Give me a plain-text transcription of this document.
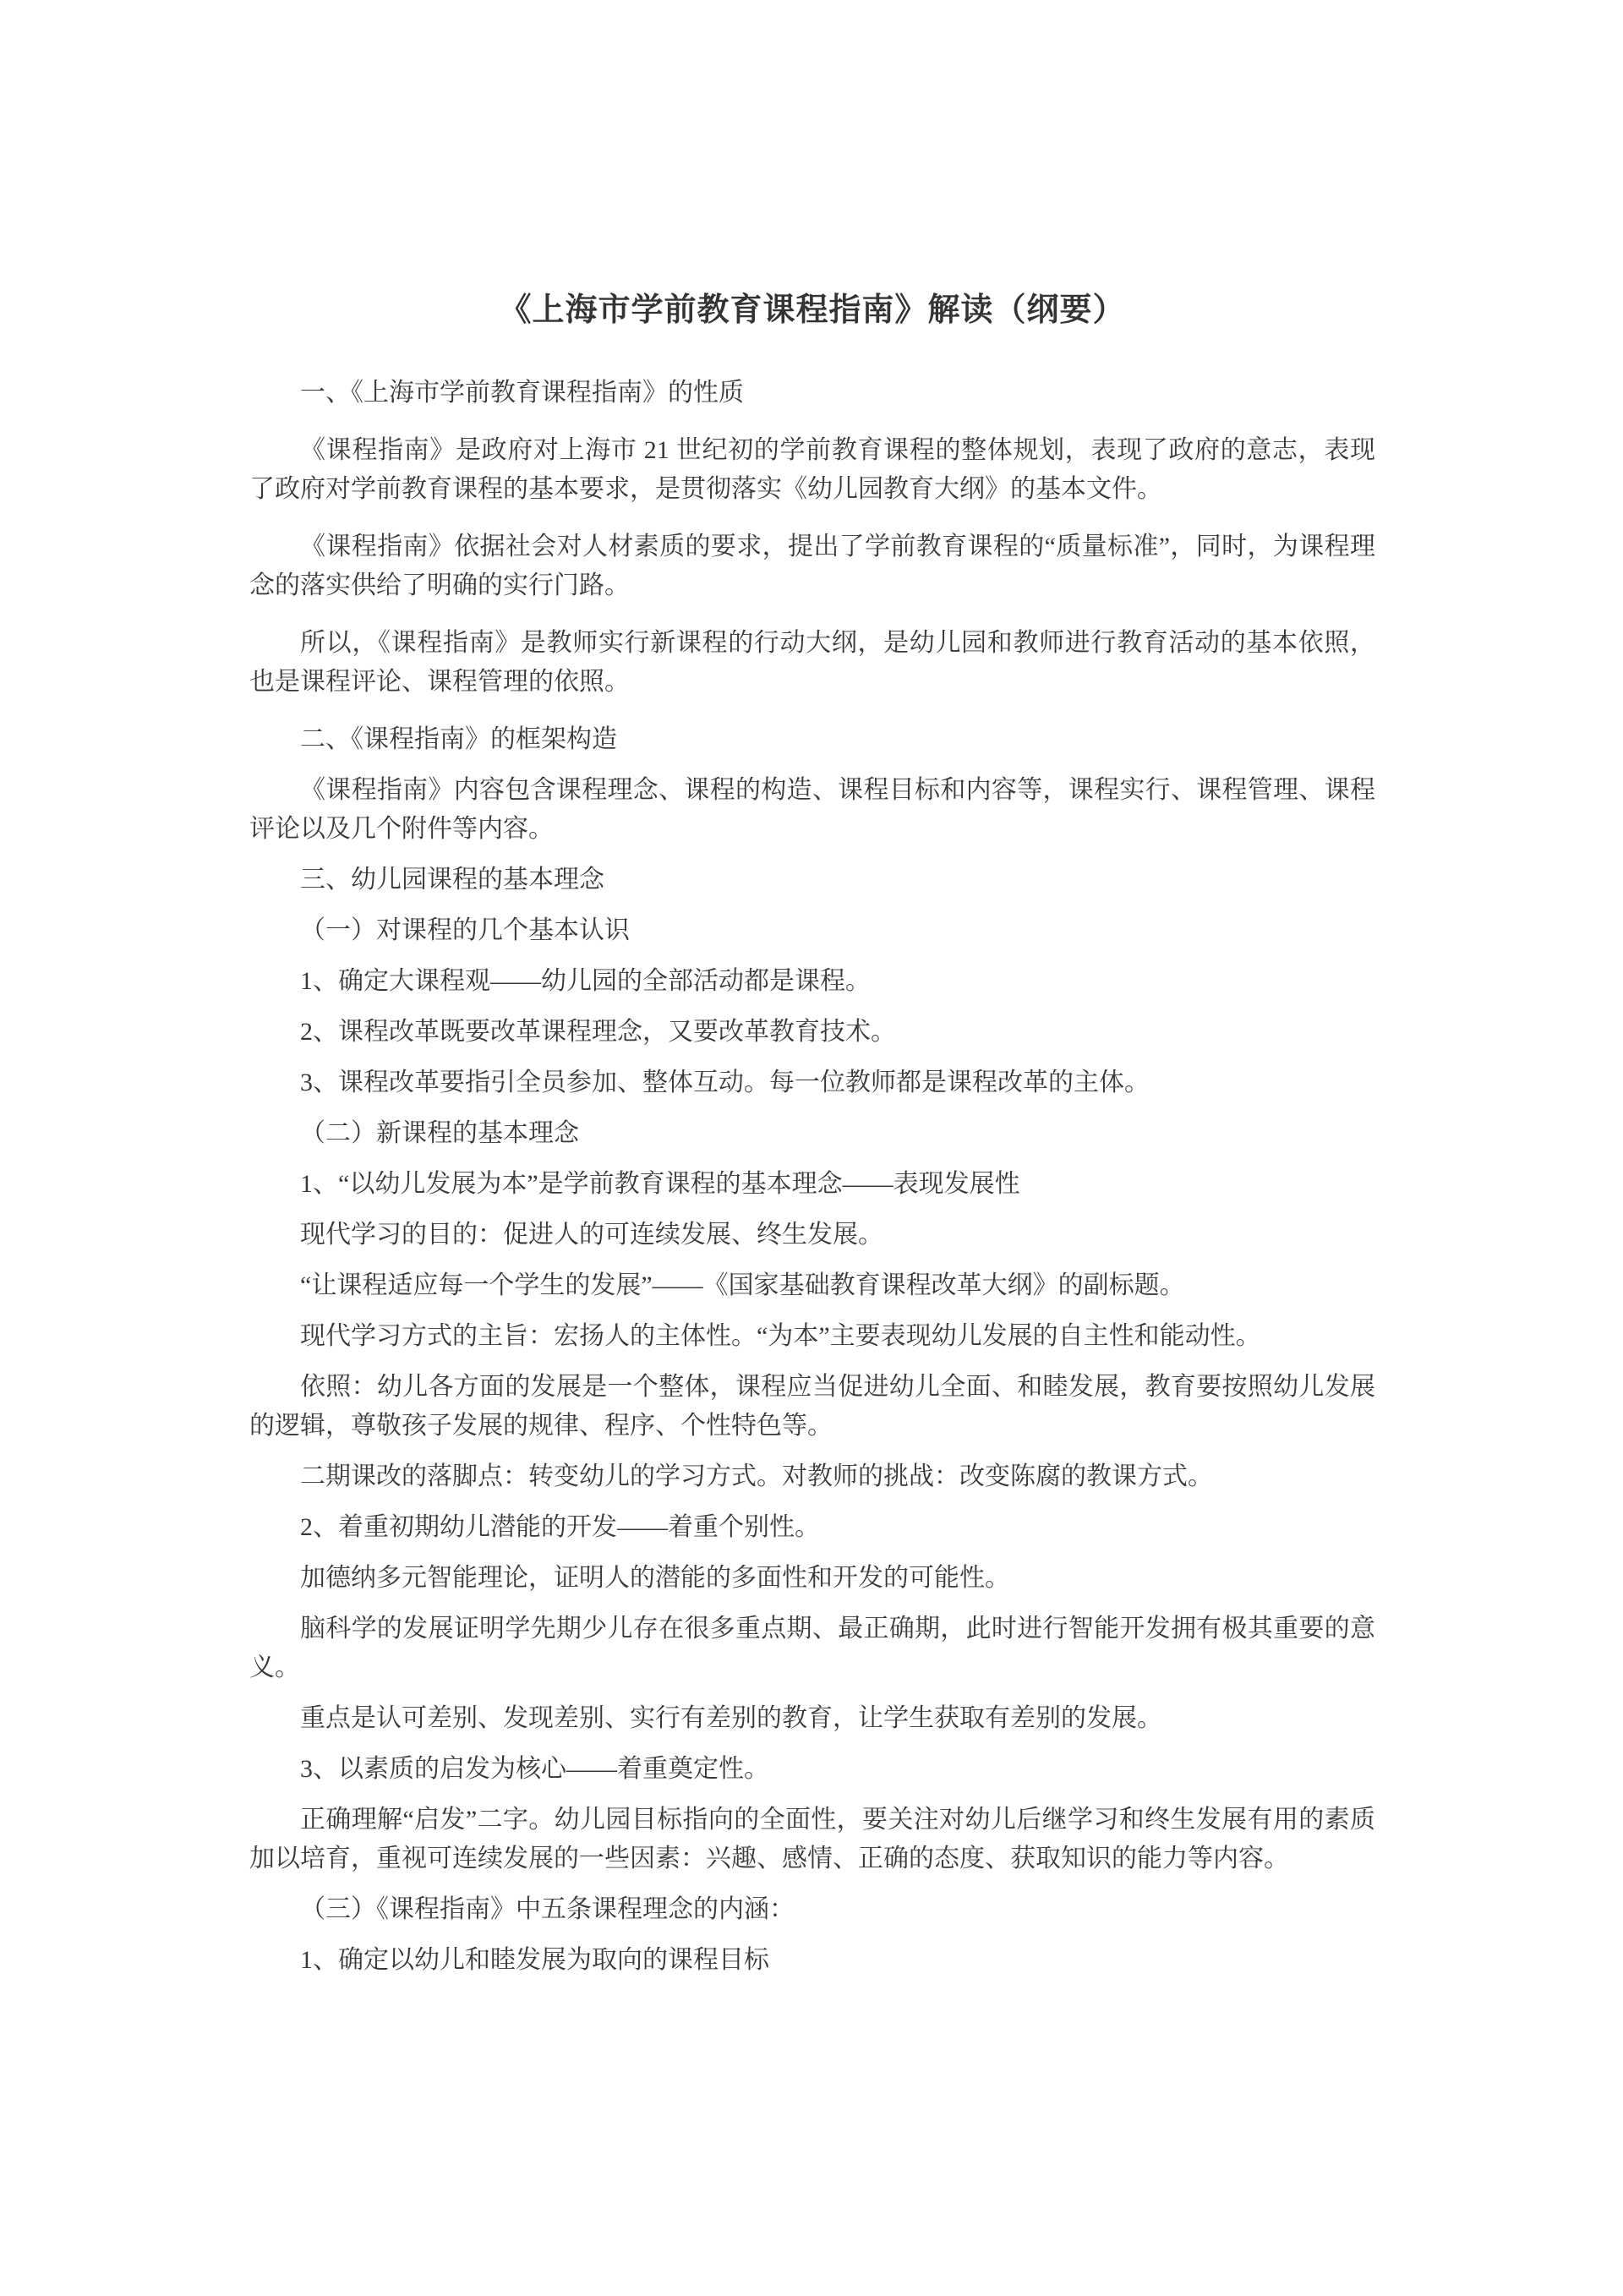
《上海市学前教育课程指南》解读（纲要）

一、《上海市学前教育课程指南》的性质

《课程指南》是政府对上海市 21 世纪初的学前教育课程的整体规划，表现了政府的意志，表现了政府对学前教育课程的基本要求，是贯彻落实《幼儿园教育大纲》的基本文件。

《课程指南》依据社会对人材素质的要求，提出了学前教育课程的“质量标准”，同时，为课程理念的落实供给了明确的实行门路。

所以，《课程指南》是教师实行新课程的行动大纲，是幼儿园和教师进行教育活动的基本依照，也是课程评论、课程管理的依照。

二、《课程指南》的框架构造

《课程指南》内容包含课程理念、课程的构造、课程目标和内容等，课程实行、课程管理、课程评论以及几个附件等内容。

三、幼儿园课程的基本理念

（一）对课程的几个基本认识

1、确定大课程观——幼儿园的全部活动都是课程。

2、课程改革既要改革课程理念，又要改革教育技术。

3、课程改革要指引全员参加、整体互动。每一位教师都是课程改革的主体。

（二）新课程的基本理念

1、“以幼儿发展为本”是学前教育课程的基本理念——表现发展性

现代学习的目的：促进人的可连续发展、终生发展。

“让课程适应每一个学生的发展”——《国家基础教育课程改革大纲》的副标题。

现代学习方式的主旨：宏扬人的主体性。“为本”主要表现幼儿发展的自主性和能动性。

依照：幼儿各方面的发展是一个整体，课程应当促进幼儿全面、和睦发展，教育要按照幼儿发展的逻辑，尊敬孩子发展的规律、程序、个性特色等。

二期课改的落脚点：转变幼儿的学习方式。对教师的挑战：改变陈腐的教课方式。

2、着重初期幼儿潜能的开发——着重个别性。

加德纳多元智能理论，证明人的潜能的多面性和开发的可能性。

脑科学的发展证明学先期少儿存在很多重点期、最正确期，此时进行智能开发拥有极其重要的意义。

重点是认可差别、发现差别、实行有差别的教育，让学生获取有差别的发展。

3、以素质的启发为核心——着重奠定性。

正确理解“启发”二字。幼儿园目标指向的全面性，要关注对幼儿后继学习和终生发展有用的素质加以培育，重视可连续发展的一些因素：兴趣、感情、正确的态度、获取知识的能力等内容。

（三）《课程指南》中五条课程理念的内涵：

1、确定以幼儿和睦发展为取向的课程目标
